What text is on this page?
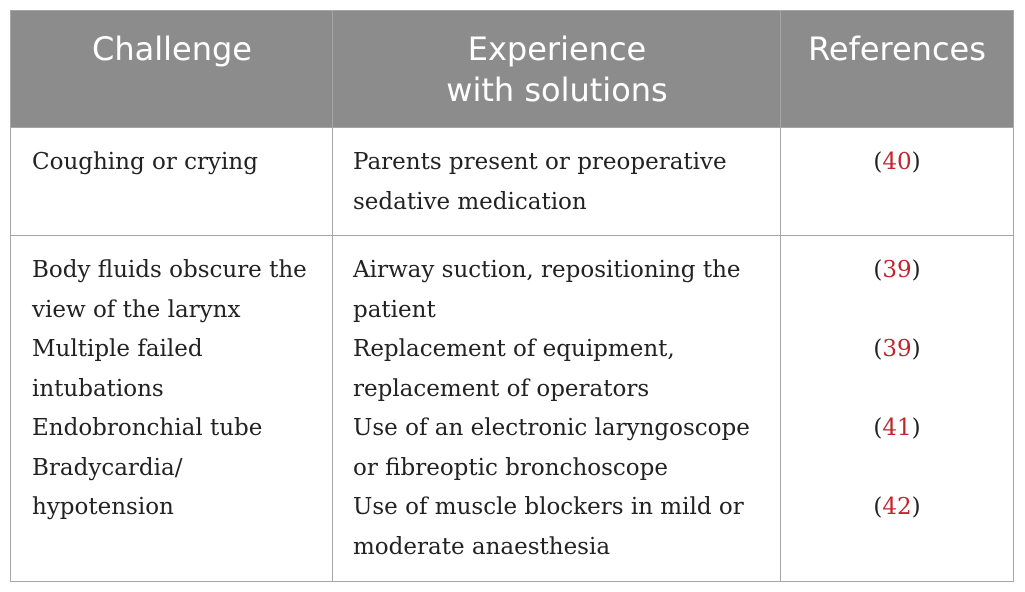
Challenge	Experience
with solutions
References
Coughing or crying	Parents present or preoperative
sedative medication
(40)
Body fluids obscure the
view of the larynx
Multiple failed
intubations
Endobronchial tube
Bradycardia/
hypotension
Airway suction, repositioning the
patient
Replacement of equipment,
replacement of operators
Use of an electronic laryngoscope
or fibreoptic bronchoscope
Use of muscle blockers in mild or
moderate anaesthesia
(39)

(39)

(41)

(42)
